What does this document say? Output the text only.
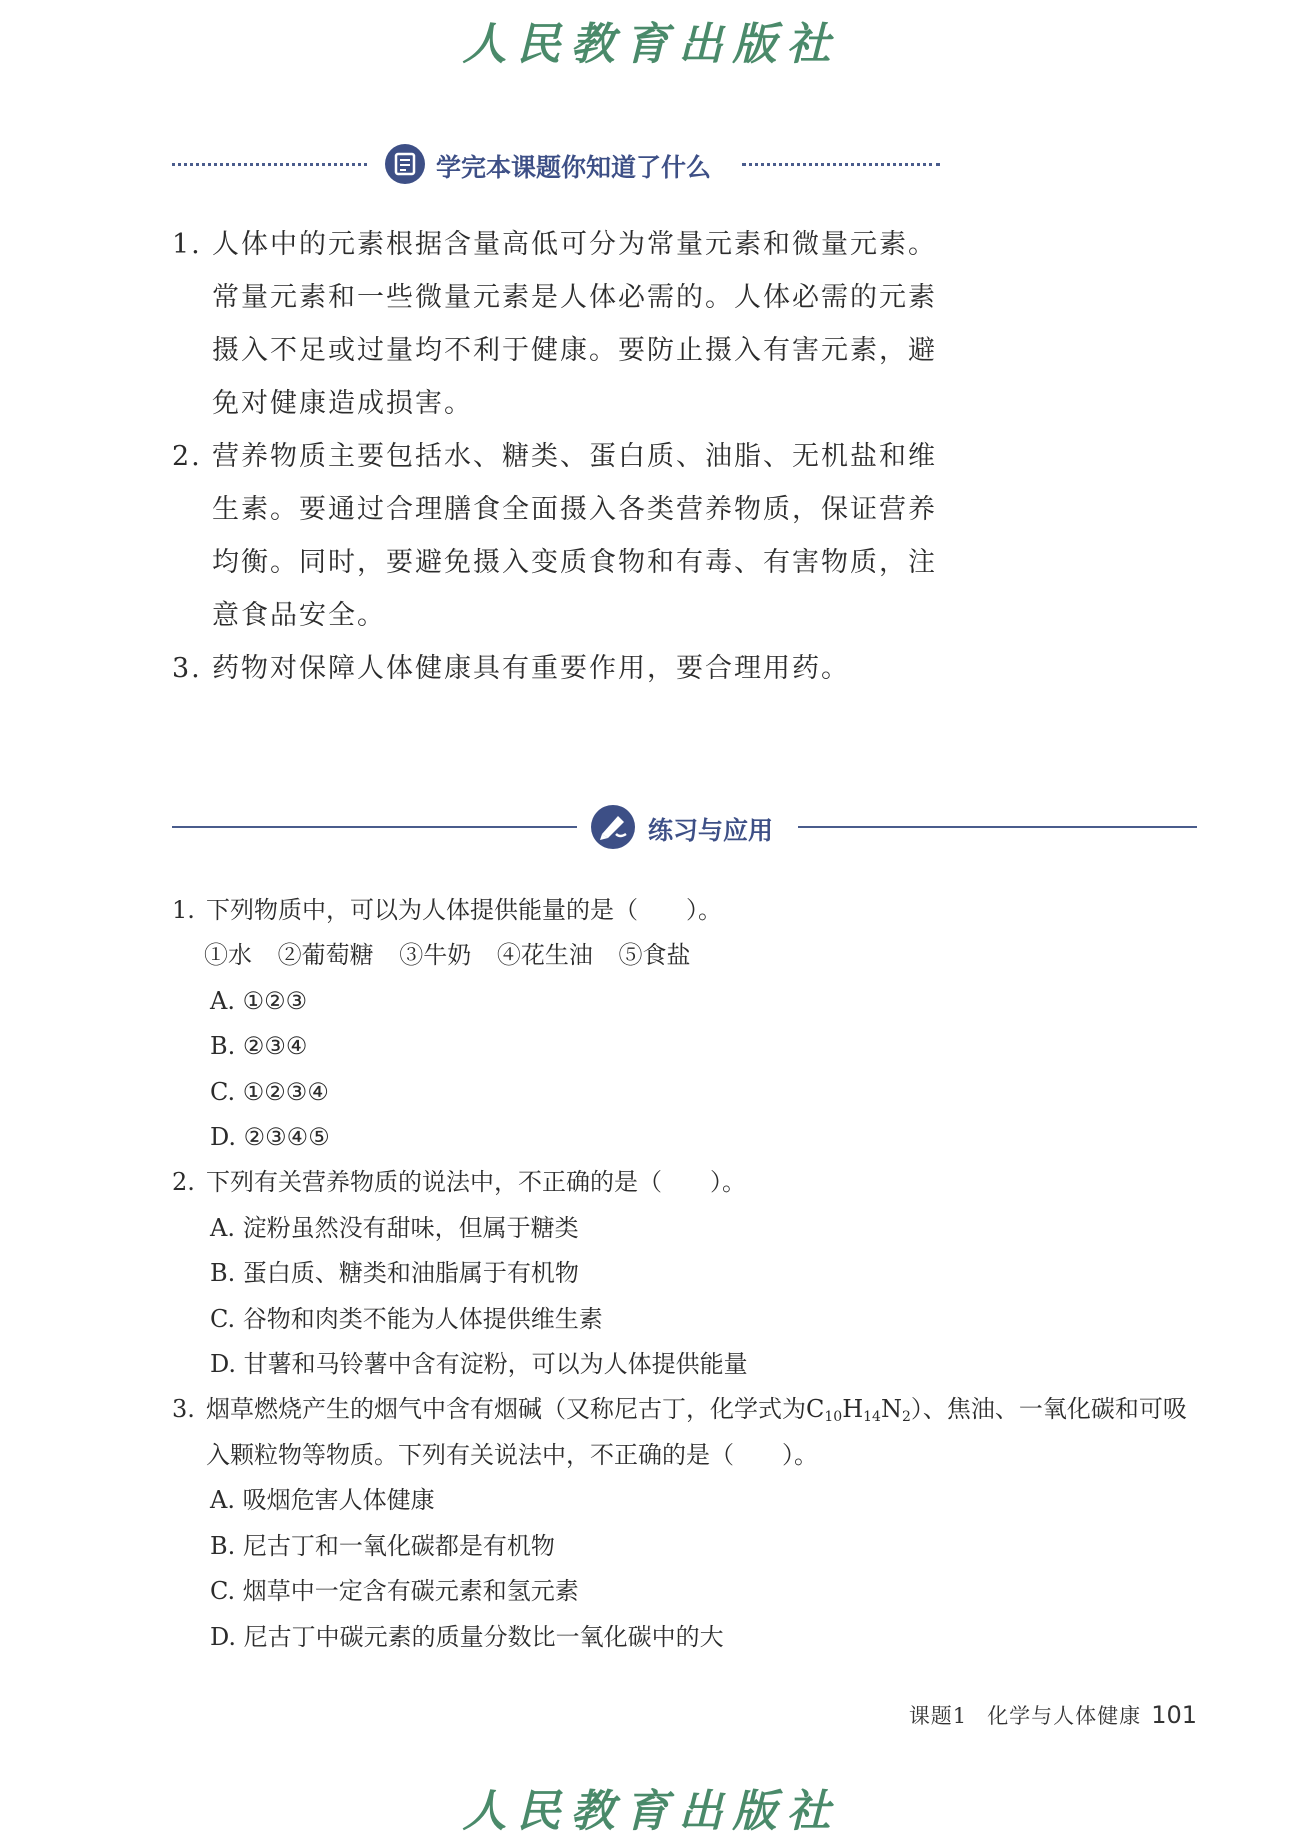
人民教育出版社
学完本课题你知道了什么
1. 人体中的元素根据含量高低可分为常量元素和微量元素。常量元素和一些微量元素是人体必需的。人体必需的元素摄入不足或过量均不利于健康。要防止摄入有害元素，避免对健康造成损害。
2. 营养物质主要包括水、糖类、蛋白质、油脂、无机盐和维生素。要通过合理膳食全面摄入各类营养物质，保证营养均衡。同时，要避免摄入变质食物和有毒、有害物质，注意食品安全。
3. 药物对保障人体健康具有重要作用，要合理用药。
练习与应用
1. 下列物质中，可以为人体提供能量的是（　　）。
①水 ②葡萄糖 ③牛奶 ④花生油 ⑤食盐
A. ①②③
B. ②③④
C. ①②③④
D. ②③④⑤
2. 下列有关营养物质的说法中，不正确的是（　　）。
A. 淀粉虽然没有甜味，但属于糖类
B. 蛋白质、糖类和油脂属于有机物
C. 谷物和肉类不能为人体提供维生素
D. 甘薯和马铃薯中含有淀粉，可以为人体提供能量
3. 烟草燃烧产生的烟气中含有烟碱（又称尼古丁，化学式为$C_{10}H_{14}N_2$）、焦油、一氧化碳和可吸入颗粒物等物质。下列有关说法中，不正确的是（　　）。
A. 吸烟危害人体健康
B. 尼古丁和一氧化碳都是有机物
C. 烟草中一定含有碳元素和氢元素
D. 尼古丁中碳元素的质量分数比一氧化碳中的大
课题1 化学与人体健康 101
人民教育出版社
